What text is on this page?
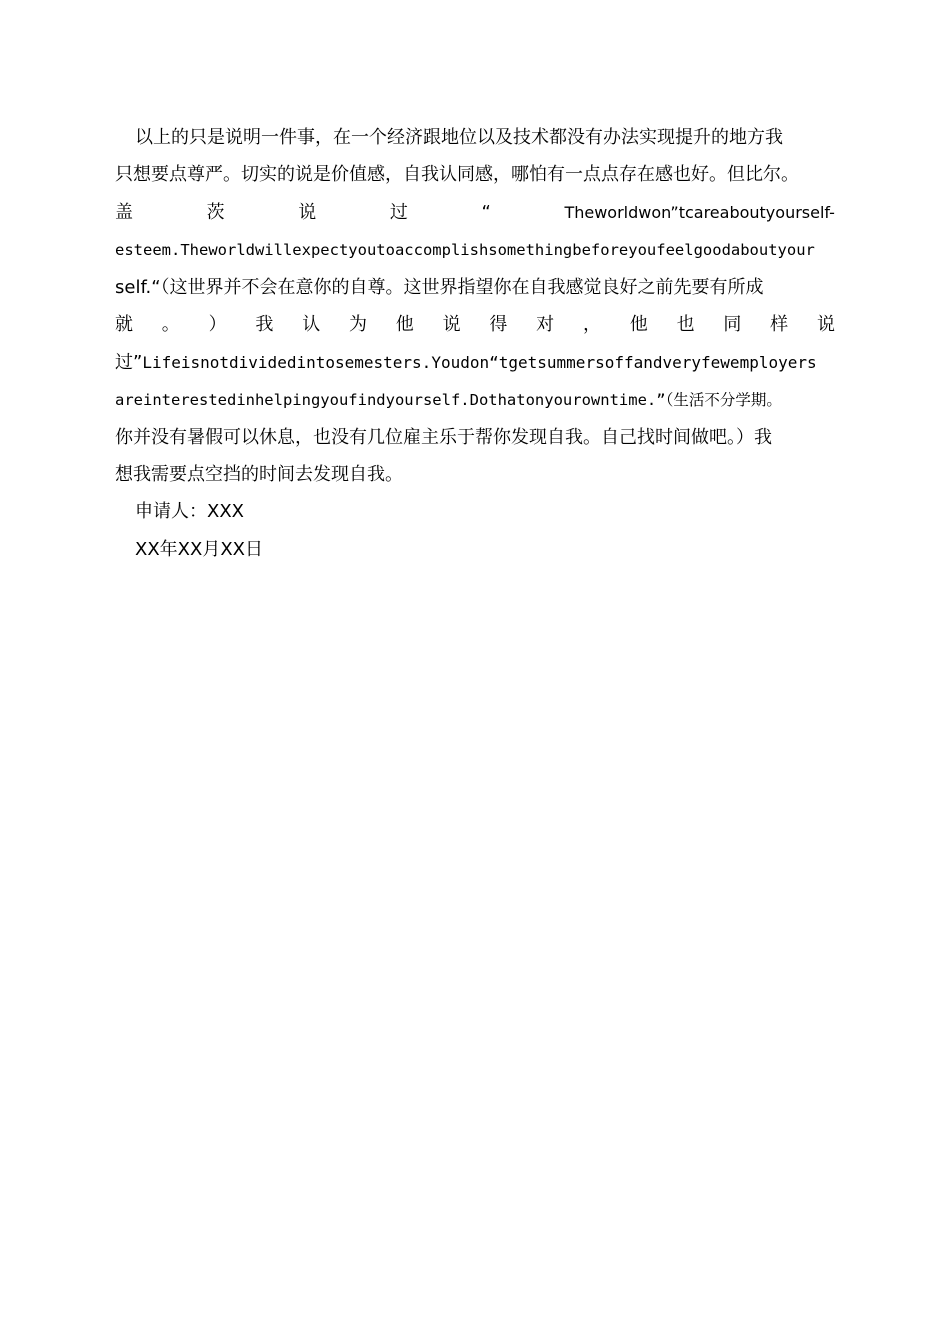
以上的只是说明一件事，在一个经济跟地位以及技术都没有办法实现提升的地方我
只想要点尊严。切实的说是价值感，自我认同感，哪怕有一点点存在感也好。但比尔。
盖	茨	说	过	“	Theworldwon”tcareaboutyourself-
esteem.Theworldwillexpectyoutoaccomplishsomethingbeforeyoufeelgoodaboutyour
self.“（这世界并不会在意你的自尊。这世界指望你在自我感觉良好之前先要有所成
就 。 ） 我 认 为 他 说 得 对 ， 他 也 同 样 说
过”Lifeisnotdividedintosemesters.Youdon“tgetsummersoffandveryfewemployers
areinterestedinhelpingyoufindyourself.Dothatonyourowntime.”（生活不分学期。
你并没有暑假可以休息，也没有几位雇主乐于帮你发现自我。自己找时间做吧。）我
想我需要点空挡的时间去发现自我。
申请人：XXX
XX年XX月XX日
